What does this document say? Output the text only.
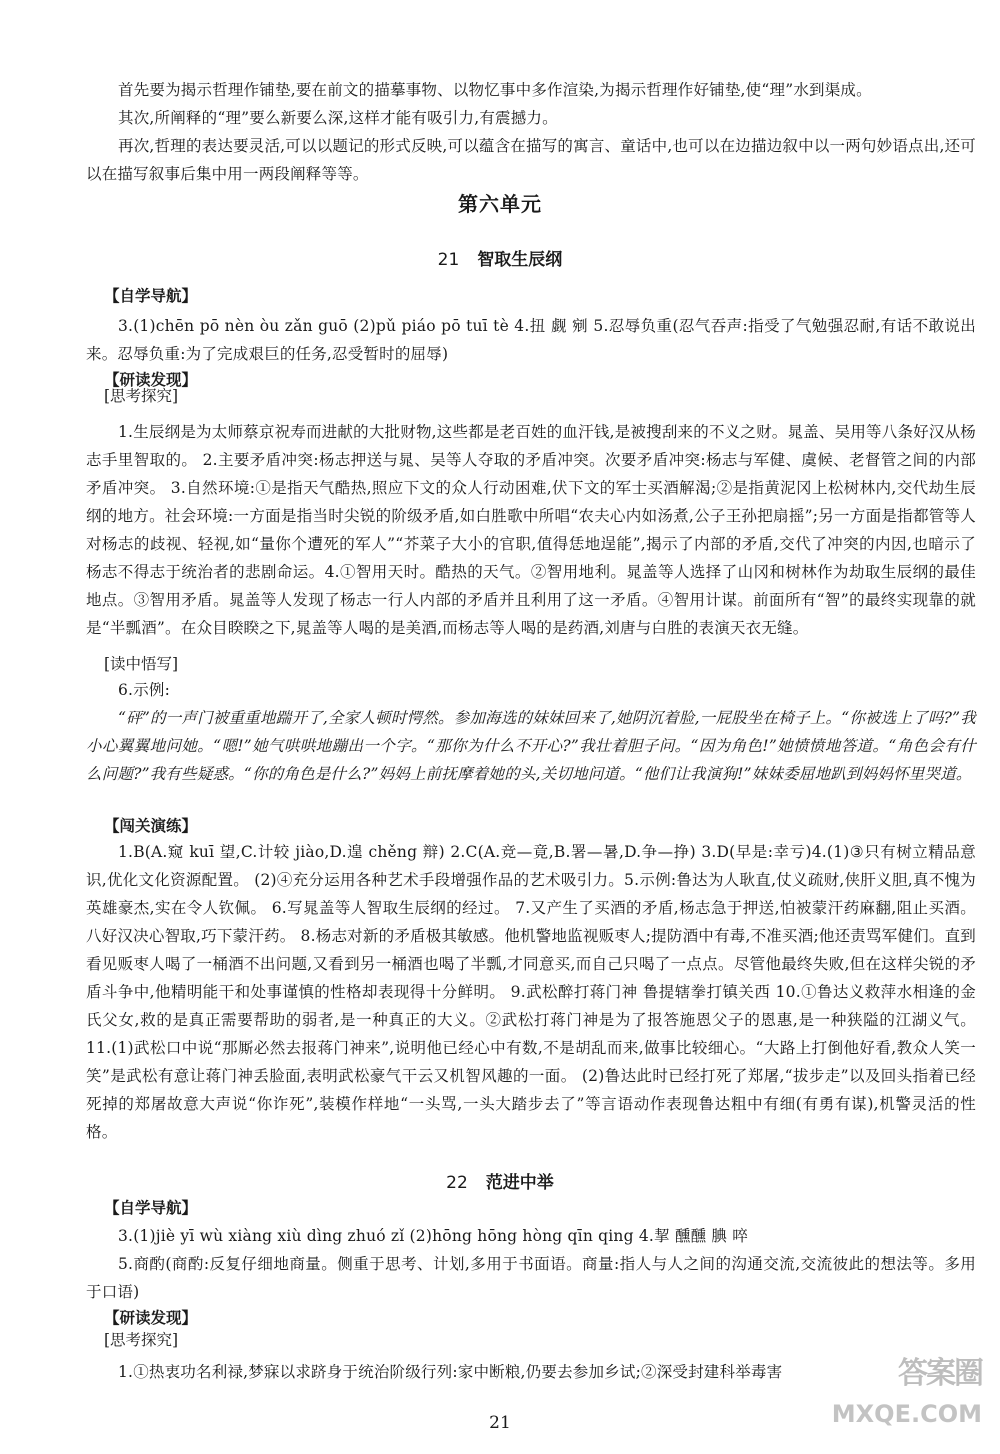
首先要为揭示哲理作铺垫,要在前文的描摹事物、以物忆事中多作渲染,为揭示哲理作好铺垫,使“理”水到渠成。

其次,所阐释的“理”要么新要么深,这样才能有吸引力,有震撼力。

再次,哲理的表达要灵活,可以以题记的形式反映,可以蕴含在描写的寓言、童话中,也可以在边描边叙中以一两句妙语点出,还可以在描写叙事后集中用一两段阐释等等。

第六单元

21 智取生辰纲

【自学导航】

3.(1)chēn pō nèn òu zǎn guō (2)pǔ piáo pō tuī tè 4.扭 觑 剜 5.忍辱负重(忍气吞声:指受了气勉强忍耐,有话不敢说出来。忍辱负重:为了完成艰巨的任务,忍受暂时的屈辱)

【研读发现】

[思考探究]

1.生辰纲是为太师蔡京祝寿而进献的大批财物,这些都是老百姓的血汗钱,是被搜刮来的不义之财。晁盖、吴用等八条好汉从杨志手里智取的。 2.主要矛盾冲突:杨志押送与晁、吴等人夺取的矛盾冲突。次要矛盾冲突:杨志与军健、虞候、老督管之间的内部矛盾冲突。 3.自然环境:①是指天气酷热,照应下文的众人行动困难,伏下文的军士买酒解渴;②是指黄泥冈上松树林内,交代劫生辰纲的地方。社会环境:一方面是指当时尖锐的阶级矛盾,如白胜歌中所唱“农夫心内如汤煮,公子王孙把扇摇”;另一方面是指都管等人对杨志的歧视、轻视,如“量你个遭死的军人”“芥菜子大小的官职,值得恁地逞能”,揭示了内部的矛盾,交代了冲突的内因,也暗示了杨志不得志于统治者的悲剧命运。4.①智用天时。酷热的天气。②智用地利。晁盖等人选择了山冈和树林作为劫取生辰纲的最佳地点。③智用矛盾。晁盖等人发现了杨志一行人内部的矛盾并且利用了这一矛盾。④智用计谋。前面所有“智”的最终实现靠的就是“半瓢酒”。在众目睽睽之下,晁盖等人喝的是美酒,而杨志等人喝的是药酒,刘唐与白胜的表演天衣无缝。

[读中悟写]

6.示例:

“砰”的一声门被重重地踹开了,全家人顿时愕然。参加海选的妹妹回来了,她阴沉着脸,一屁股坐在椅子上。“你被选上了吗?”我小心翼翼地问她。“嗯!”她气哄哄地蹦出一个字。“那你为什么不开心?”我壮着胆子问。“因为角色!”她愤愤地答道。“角色会有什么问题?”我有些疑惑。“你的角色是什么?”妈妈上前抚摩着她的头,关切地问道。“他们让我演狗!”妹妹委屈地趴到妈妈怀里哭道。

【闯关演练】

1.B(A.窥 kuī 望,C.计较 jiào,D.遑 chěng 辩) 2.C(A.竞—竟,B.署—暑,D.争—挣) 3.D(早是:幸亏)4.(1)③只有树立精品意识,优化文化资源配置。 (2)④充分运用各种艺术手段增强作品的艺术吸引力。5.示例:鲁达为人耿直,仗义疏财,侠肝义胆,真不愧为英雄豪杰,实在令人钦佩。 6.写晁盖等人智取生辰纲的经过。 7.又产生了买酒的矛盾,杨志急于押送,怕被蒙汗药麻翻,阻止买酒。八好汉决心智取,巧下蒙汗药。 8.杨志对新的矛盾极其敏感。他机警地监视贩枣人;提防酒中有毒,不准买酒;他还责骂军健们。直到看见贩枣人喝了一桶酒不出问题,又看到另一桶酒也喝了半瓢,才同意买,而自己只喝了一点点。尽管他最终失败,但在这样尖锐的矛盾斗争中,他精明能干和处事谨慎的性格却表现得十分鲜明。 9.武松醉打蒋门神 鲁提辖拳打镇关西 10.①鲁达义救萍水相逢的金氏父女,救的是真正需要帮助的弱者,是一种真正的大义。②武松打蒋门神是为了报答施恩父子的恩惠,是一种狭隘的江湖义气。 11.(1)武松口中说“那厮必然去报蒋门神来”,说明他已经心中有数,不是胡乱而来,做事比较细心。“大路上打倒他好看,教众人笑一笑”是武松有意让蒋门神丢脸面,表明武松豪气干云又机智风趣的一面。 (2)鲁达此时已经打死了郑屠,“拔步走”以及回头指着已经死掉的郑屠故意大声说“你诈死”,装模作样地“一头骂,一头大踏步去了”等言语动作表现鲁达粗中有细(有勇有谋),机警灵活的性格。

22 范进中举

【自学导航】

3.(1)jiè yī wù xiàng xiù dìng zhuó zǐ (2)hōng hōng hòng qīn qing 4.挈 醺醺 腆 啐

5.商酌(商酌:反复仔细地商量。侧重于思考、计划,多用于书面语。商量:指人与人之间的沟通交流,交流彼此的想法等。多用于口语)

【研读发现】

[思考探究]

1.①热衷功名利禄,梦寐以求跻身于统治阶级行列:家中断粮,仍要去参加乡试;②深受封建科举毒害

21

答案圈
MXQE.COM
